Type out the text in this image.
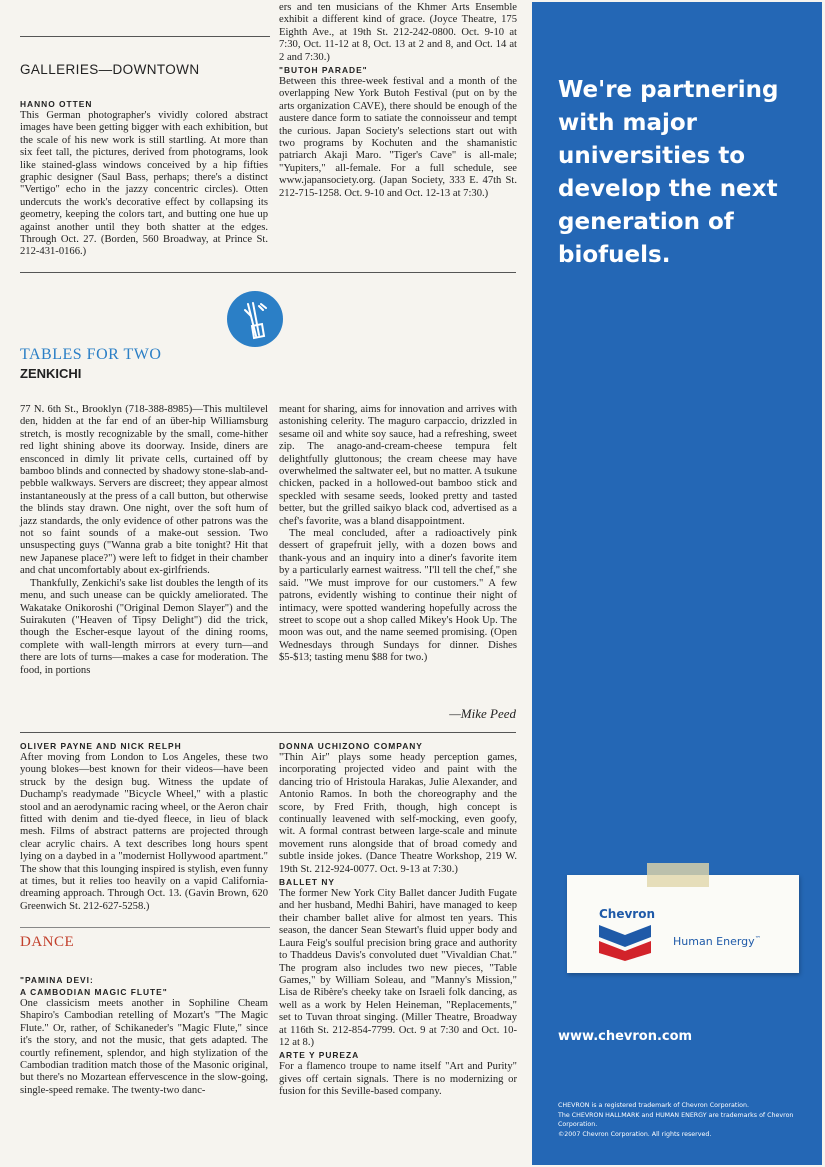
GALLERIES—DOWNTOWN

HANNO OTTEN

This German photographer's vividly colored abstract images have been getting bigger with each exhibition, but the scale of his new work is still startling. At more than six feet tall, the pictures, derived from photograms, look like stained-glass windows conceived by a hip fifties graphic designer (Saul Bass, perhaps; there's a distinct "Vertigo" echo in the jazzy concentric circles). Otten undercuts the work's decorative effect by collapsing its geometry, keeping the colors tart, and butting one hue up against another until they both shatter at the edges. Through Oct. 27. (Borden, 560 Broadway, at Prince St. 212-431-0166.)

ers and ten musicians of the Khmer Arts Ensemble exhibit a different kind of grace. (Joyce Theatre, 175 Eighth Ave., at 19th St. 212-242-0800. Oct. 9-10 at 7:30, Oct. 11-12 at 8, Oct. 13 at 2 and 8, and Oct. 14 at 2 and 7:30.)

"BUTOH PARADE"

Between this three-week festival and a month of the overlapping New York Butoh Festival (put on by the arts organization CAVE), there should be enough of the austere dance form to satiate the connoisseur and tempt the curious. Japan Society's selections start out with two programs by Kochuten and the shamanistic patriarch Akaji Maro. "Tiger's Cave" is all-male; "Yupiters," all-female. For a full schedule, see www.japansociety.org. (Japan Society, 333 E. 47th St. 212-715-1258. Oct. 9-10 and Oct. 12-13 at 7:30.)

TABLES FOR TWO
ZENKICHI

77 N. 6th St., Brooklyn (718-388-8985)—This multilevel den, hidden at the far end of an über-hip Williamsburg stretch, is mostly recognizable by the small, come-hither red light shining above its doorway. Inside, diners are ensconced in dimly lit private cells, curtained off by bamboo blinds and connected by shadowy stone-slab-and-pebble walkways. Servers are discreet; they appear almost instantaneously at the press of a call button, but otherwise the blinds stay drawn. One night, over the soft hum of jazz standards, the only evidence of other patrons was the not so faint sounds of a make-out session. Two unsuspecting guys ("Wanna grab a bite tonight? Hit that new Japanese place?") were left to fidget in their chamber and chat uncomfortably about ex-girlfriends.

Thankfully, Zenkichi's sake list doubles the length of its menu, and such unease can be quickly ameliorated. The Wakatake Onikoroshi ("Original Demon Slayer") and the Suirakuten ("Heaven of Tipsy Delight") did the trick, though the Escher-esque layout of the dining rooms, complete with wall-length mirrors at every turn—and there are lots of turns—makes a case for moderation. The food, in portions

meant for sharing, aims for innovation and arrives with astonishing celerity. The maguro carpaccio, drizzled in sesame oil and white soy sauce, had a refreshing, sweet zip. The anago-and-cream-cheese tempura felt delightfully gluttonous; the cream cheese may have overwhelmed the saltwater eel, but no matter. A tsukune chicken, packed in a hollowed-out bamboo stick and speckled with sesame seeds, looked pretty and tasted better, but the grilled saikyo black cod, advertised as a chef's favorite, was a bland disappointment.

The meal concluded, after a radioactively pink dessert of grapefruit jelly, with a dozen bows and thank-yous and an inquiry into a diner's favorite item by a particularly earnest waitress. "I'll tell the chef," she said. "We must improve for our customers." A few patrons, evidently wishing to continue their night of intimacy, were spotted wandering hopefully across the street to scope out a shop called Mikey's Hook Up. The moon was out, and the name seemed promising. (Open Wednesdays through Sundays for dinner. Dishes $5-$13; tasting menu $88 for two.)

—Mike Peed

OLIVER PAYNE AND NICK RELPH

After moving from London to Los Angeles, these two young blokes—best known for their videos—have been struck by the design bug. Witness the update of Duchamp's readymade "Bicycle Wheel," with a plastic stool and an aerodynamic racing wheel, or the Aeron chair fitted with denim and tie-dyed fleece, in lieu of black mesh. Films of abstract patterns are projected through clear acrylic chairs. A text describes long hours spent lying on a daybed in a "modernist Hollywood apartment." The show that this lounging inspired is stylish, even funny at times, but it relies too heavily on a vapid California-dreaming approach. Through Oct. 13. (Gavin Brown, 620 Greenwich St. 212-627-5258.)

DANCE

"PAMINA DEVI:

A CAMBODIAN MAGIC FLUTE"

One classicism meets another in Sophiline Cheam Shapiro's Cambodian retelling of Mozart's "The Magic Flute." Or, rather, of Schikaneder's "Magic Flute," since it's the story, and not the music, that gets adapted. The courtly refinement, splendor, and high stylization of the Cambodian tradition match those of the Masonic original, but there's no Mozartean effervescence in the slow-going, single-speed remake. The twenty-two danc-

DONNA UCHIZONO COMPANY

"Thin Air" plays some heady perception games, incorporating projected video and paint with the dancing trio of Hristoula Harakas, Julie Alexander, and Antonio Ramos. In both the choreography and the score, by Fred Frith, though, high concept is continually leavened with self-mocking, even goofy, wit. A formal contrast between large-scale and minute movement runs alongside that of broad comedy and subtle inside jokes. (Dance Theatre Workshop, 219 W. 19th St. 212-924-0077. Oct. 9-13 at 7:30.)

BALLET NY

The former New York City Ballet dancer Judith Fugate and her husband, Medhi Bahiri, have managed to keep their chamber ballet alive for almost ten years. This season, the dancer Sean Stewart's fluid upper body and Laura Feig's soulful precision bring grace and authority to Thaddeus Davis's convoluted duet "Vivaldian Chat." The program also includes two new pieces, "Table Games," by William Soleau, and "Manny's Mission," Lisa de Ribère's cheeky take on Israeli folk dancing, as well as a work by Helen Heineman, "Replacements," set to Tuvan throat singing. (Miller Theatre, Broadway at 116th St. 212-854-7799. Oct. 9 at 7:30 and Oct. 10-12 at 8.)

ARTE Y PUREZA

For a flamenco troupe to name itself "Art and Purity" gives off certain signals. There is no modernizing or fusion for this Seville-based company.

We're partnering with major universities to develop the next generation of biofuels.

Chevron
Human Energy™
www.chevron.com
CHEVRON is a registered trademark of Chevron Corporation.
The CHEVRON HALLMARK and HUMAN ENERGY are trademarks of Chevron Corporation.
©2007 Chevron Corporation. All rights reserved.
